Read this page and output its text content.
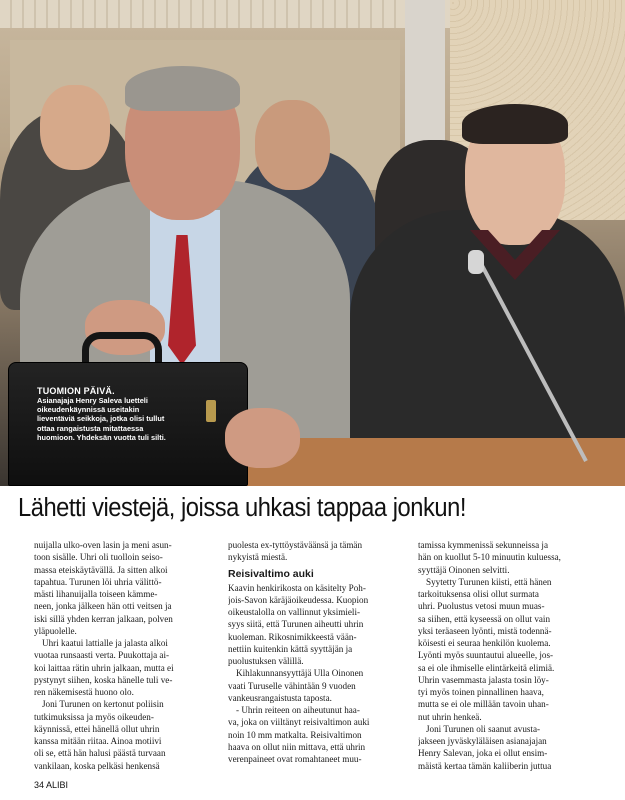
TUOMION PÄIVÄ.
Asianajaja Henry Saleva luetteli
oikeudenkäynnissä useitakin
lieventäviä seikkoja, jotka olisi tullut
ottaa rangaistusta mitattaessa
huomioon. Yhdeksän vuotta tuli silti.
Lähetti viestejä, joissa uhkasi tappaa jonkun!
nuijalla ulko-oven lasin ja meni asun-
toon sisälle. Uhri oli tuolloin seiso-
massa eteiskäytävällä. Ja sitten alkoi
tapahtua. Turunen löi uhria välittö-
mästi lihanuijalla toiseen kämme-
neen, jonka jälkeen hän otti veitsen ja
iski sillä yhden kerran jalkaan, polven
yläpuolelle.
Uhri kaatui lattialle ja jalasta alkoi
vuotaa runsaasti verta. Puukottaja ai-
koi laittaa rätin uhrin jalkaan, mutta ei
pystynyt siihen, koska hänelle tuli ve-
ren näkemisestä huono olo.
Joni Turunen on kertonut poliisin
tutkimuksissa ja myös oikeuden-
käynnissä, ettei hänellä ollut uhrin
kanssa mitään riitaa. Ainoa motiivi
oli se, että hän halusi päästä turvaan
vankilaan, koska pelkäsi henkensä
puolesta ex-tyttöystäväänsä ja tämän
nykyistä miestä.
Reisivaltimo auki
Kaavin henkirikosta on käsitelty Poh-
jois-Savon käräjäoikeudessa. Kuopion
oikeustalolla on vallinnut yksimieli-
syys siitä, että Turunen aiheutti uhrin
kuoleman. Rikosnimikkeestä vään-
nettiin kuitenkin kättä syyttäjän ja
puolustuksen välillä.
Kihlakunnansyyttäjä Ulla Oinonen
vaati Turuselle vähintään 9 vuoden
vankeusrangaistusta taposta.
- Uhrin reiteen on aiheutunut haa-
va, joka on viiltänyt reisivaltimon auki
noin 10 mm matkalta. Reisivaltimon
haava on ollut niin mittava, että uhrin
verenpaineet ovat romahtaneet muu-
tamissa kymmenissä sekunneissa ja
hän on kuollut 5-10 minuutin kuluessa,
syyttäjä Oinonen selvitti.
Syytetty Turunen kiisti, että hänen
tarkoituksensa olisi ollut surmata
uhri. Puolustus vetosi muun muas-
sa siihen, että kyseessä on ollut vain
yksi teräaseen lyönti, mistä todennä-
köisesti ei seuraa henkilön kuolema.
Lyönti myös suuntautui alueelle, jos-
sa ei ole ihmiselle elintärkeitä elimiä.
Uhrin vasemmasta jalasta tosin löy-
tyi myös toinen pinnallinen haava,
mutta se ei ole millään tavoin uhan-
nut uhrin henkeä.
Joni Turunen oli saanut avusta-
jakseen jyväskyläläisen asianajajan
Henry Salevan, joka ei ollut ensim-
mäistä kertaa tämän kaliiberin juttua
34 ALIBI
